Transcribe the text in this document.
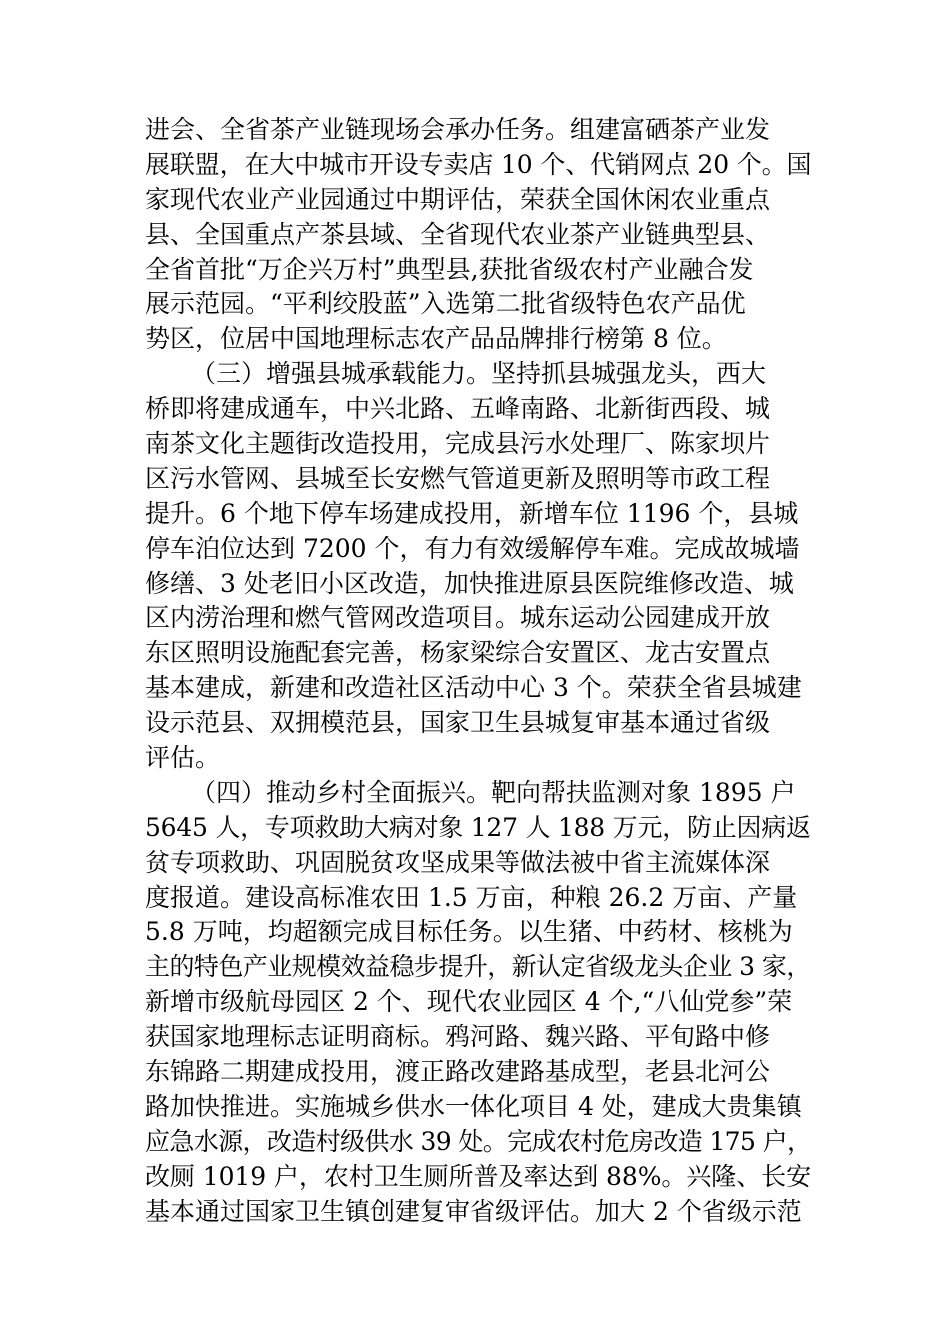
进会、全省茶产业链现场会承办任务。组建富硒茶产业发
展联盟，在大中城市开设专卖店 10 个、代销网点 20 个。国
家现代农业产业园通过中期评估，荣获全国休闲农业重点
县、全国重点产茶县域、全省现代农业茶产业链典型县、
全省首批“万企兴万村”典型县,获批省级农村产业融合发
展示范园。“平利绞股蓝”入选第二批省级特色农产品优
势区，位居中国地理标志农产品品牌排行榜第 8 位。
（三）增强县城承载能力。坚持抓县城强龙头，西大
桥即将建成通车，中兴北路、五峰南路、北新街西段、城
南茶文化主题街改造投用，完成县污水处理厂、陈家坝片
区污水管网、县城至长安燃气管道更新及照明等市政工程
提升。6 个地下停车场建成投用，新增车位 1196 个，县城
停车泊位达到 7200 个，有力有效缓解停车难。完成故城墙
修缮、3 处老旧小区改造，加快推进原县医院维修改造、城
区内涝治理和燃气管网改造项目。城东运动公园建成开放
东区照明设施配套完善，杨家梁综合安置区、龙古安置点
基本建成，新建和改造社区活动中心 3 个。荣获全省县城建
设示范县、双拥模范县，国家卫生县城复审基本通过省级
评估。
（四）推动乡村全面振兴。靶向帮扶监测对象 1895 户
5645 人，专项救助大病对象 127 人 188 万元，防止因病返
贫专项救助、巩固脱贫攻坚成果等做法被中省主流媒体深
度报道。建设高标准农田 1.5 万亩，种粮 26.2 万亩、产量
5.8 万吨，均超额完成目标任务。以生猪、中药材、核桃为
主的特色产业规模效益稳步提升，新认定省级龙头企业 3 家，
新增市级航母园区 2 个、现代农业园区 4 个,“八仙党参”荣
获国家地理标志证明商标。鸦河路、魏兴路、平旬路中修
东锦路二期建成投用，渡正路改建路基成型，老县北河公
路加快推进。实施城乡供水一体化项目 4 处，建成大贵集镇
应急水源，改造村级供水 39 处。完成农村危房改造 175 户，
改厕 1019 户，农村卫生厕所普及率达到 88%。兴隆、长安
基本通过国家卫生镇创建复审省级评估。加大 2 个省级示范
